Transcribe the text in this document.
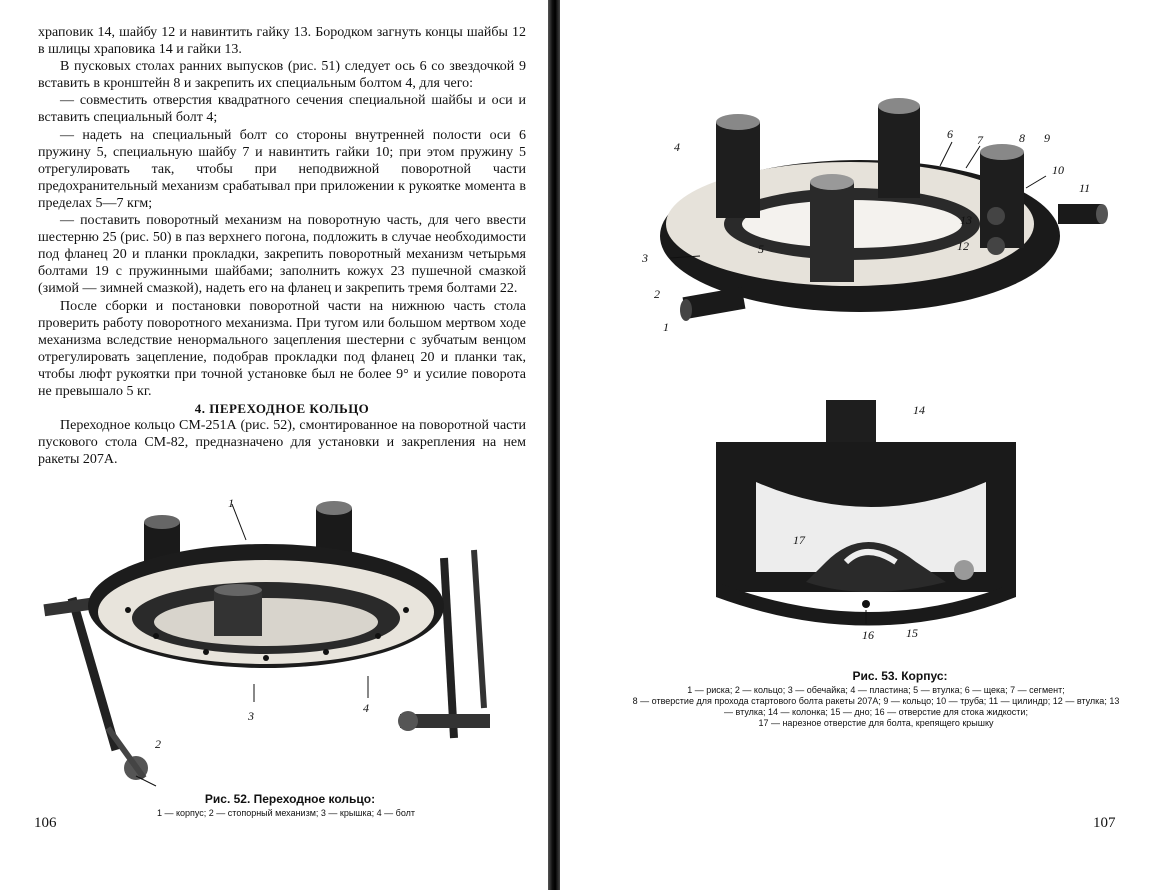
храповик 14, шайбу 12 и навинтить гайку 13. Бородком загнуть концы шайбы 12 в шлицы храповика 14 и гайки 13.

В пусковых столах ранних выпусков (рис. 51) следует ось 6 со звездочкой 9 вставить в кронштейн 8 и закрепить их специальным болтом 4, для чего:

— совместить отверстия квадратного сечения специальной шайбы и оси и вставить специальный болт 4;

— надеть на специальный болт со стороны внутренней полости оси 6 пружину 5, специальную шайбу 7 и навинтить гайки 10; при этом пружину 5 отрегулировать так, чтобы при неподвижной поворотной части предохранительный механизм срабатывал при приложении к рукоятке момента в пределах 5—7 кгм;

— поставить поворотный механизм на поворотную часть, для чего ввести шестерню 25 (рис. 50) в паз верхнего погона, подложить в случае необходимости под фланец 20 и планки прокладки, закрепить поворотный механизм четырьмя болтами 19 с пружинными шайбами; заполнить кожух 23 пушечной смазкой (зимой — зимней смазкой), надеть его на фланец и закрепить тремя болтами 22.

После сборки и постановки поворотной части на нижнюю часть стола проверить работу поворотного механизма. При тугом или большом мертвом ходе механизма вследствие ненормального зацепления шестерни с зубчатым венцом отрегулировать зацепление, подобрав прокладки под фланец 20 и планки так, чтобы люфт рукоятки при точной установке был не более 9° и усилие поворота не превышало 5 кг.

4. ПЕРЕХОДНОЕ КОЛЬЦО

Переходное кольцо СМ-251А (рис. 52), смонтированное на поворотной части пускового стола СМ-82, предназначено для установки и закрепления на нем ракеты 207А.

1
2
3
4
Рис. 52. Переходное кольцо:
1 — корпус; 2 — стопорный механизм; 3 — крышка; 4 — болт
106
4
6 7	8 9
10
11
13
12
5
3
2
1
14
17
16	15
Рис. 53. Корпус:
1 — риска; 2 — кольцо; 3 — обечайка; 4 — пластина; 5 — втулка; 6 — щека; 7 — сегмент;
8 — отверстие для прохода стартового болта ракеты 207А; 9 — кольцо; 10 — труба; 11 — цилиндр; 12 — втулка; 13 — втулка; 14 — колонка; 15 — дно; 16 — отверстие для стока жидкости;
17 — нарезное отверстие для болта, крепящего крышку
107
